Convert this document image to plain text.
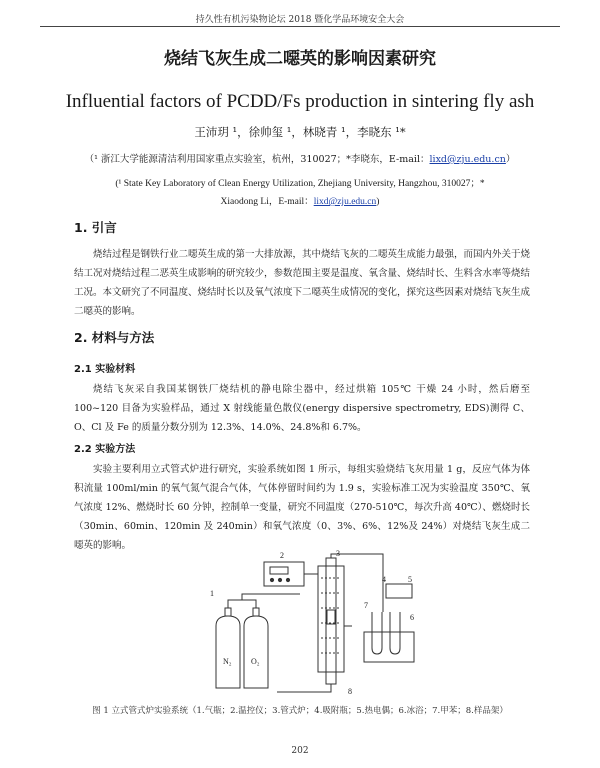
持久性有机污染物论坛 2018 暨化学品环境安全大会
烧结飞灰生成二噁英的影响因素研究
Influential factors of PCDD/Fs production in sintering fly ash
王沛玥 ¹，徐帅玺 ¹，林晓青 ¹，李晓东 ¹*
（¹ 浙江大学能源清洁利用国家重点实验室，杭州，310027；*李晓东，E-mail：lixd@zju.edu.cn）
(¹ State Key Laboratory of Clean Energy Utilization, Zhejiang University, Hangzhou, 310027；*
Xiaodong Li，E-mail：lixd@zju.edu.cn)
1. 引言
烧结过程是钢铁行业二噁英生成的第一大排放源，其中烧结飞灰的二噁英生成能力最强，而国内外关于烧结工况对烧结过程二恶英生成影响的研究较少，参数范围主要是温度、氧含量、烧结时长、生料含水率等烧结工况。本文研究了不同温度、烧结时长以及氧气浓度下二噁英生成情况的变化，探究这些因素对烧结飞灰生成二噁英的影响。
2. 材料与方法
2.1 实验材料
烧结飞灰采自我国某钢铁厂烧结机的静电除尘器中，经过烘箱 105℃ 干燥 24 小时，然后磨至 100~120 目备为实验样品，通过 X 射线能量色散仪(energy dispersive spectrometry, EDS)测得 C、O、Cl 及 Fe 的质量分数分别为 12.3%、14.0%、24.8%和 6.7%。
2.2 实验方法
实验主要利用立式管式炉进行研究，实验系统如图 1 所示，每组实验烧结飞灰用量 1 g，反应气体为体积流量 100ml/min 的氧气氮气混合气体，气体停留时间约为 1.9 s，实验标准工况为实验温度 350℃、氧气浓度 12%、燃烧时长 60 分钟，控制单一变量，研究不同温度（270-510℃，每次升高 40℃）、燃烧时长（30min、60min、120min 及 240min）和氧气浓度（0、3%、6%、12%及 24%）对烧结飞灰生成二噁英的影响。
N₂ O₂
1
2	3
4	5
6
7
8
图 1 立式管式炉实验系统（1.气瓶；2.温控仪；3.管式炉；4.吸附瓶；5.热电偶；6.冰浴；7.甲苯；8.样品架）
202
